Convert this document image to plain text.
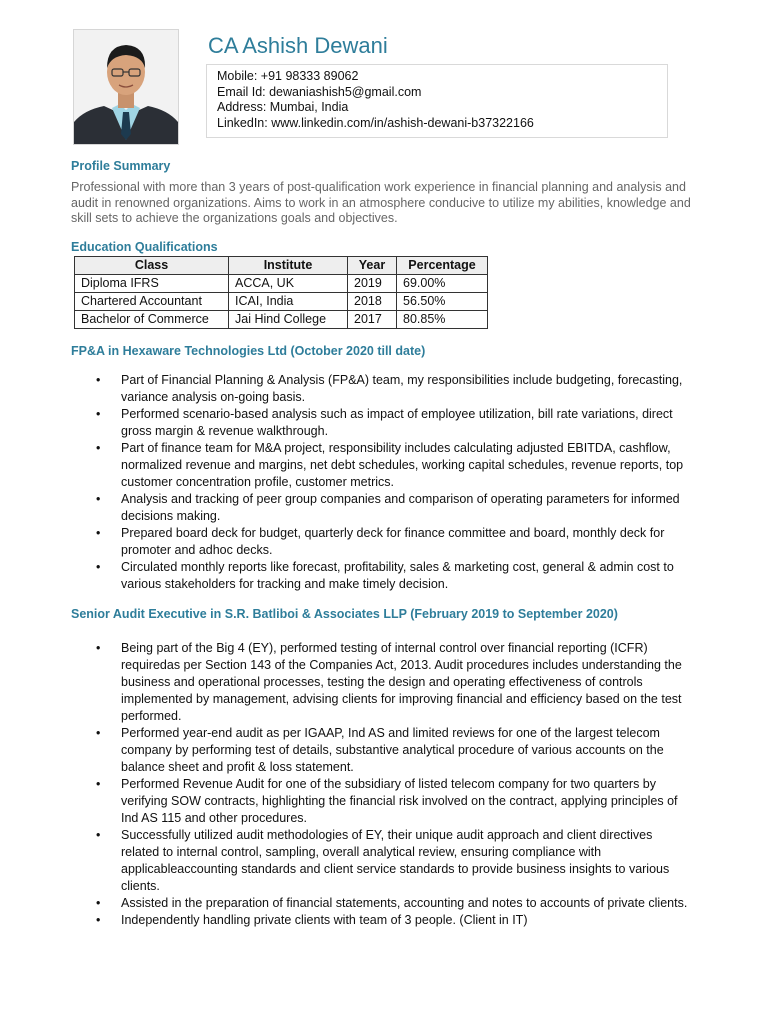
CA Ashish Dewani
Mobile: +91 98333 89062
Email Id: dewaniashish5@gmail.com
Address: Mumbai, India
LinkedIn: www.linkedin.com/in/ashish-dewani-b37322166
Profile Summary

Professional with more than 3 years of post-qualification work experience in financial planning and analysis and audit in renowned organizations. Aims to work in an atmosphere conducive to utilize my abilities, knowledge and skill sets to achieve the organizations goals and objectives.

Education Qualifications
Class	Institute	Year	Percentage
Diploma IFRS	ACCA, UK	2019	69.00%
Chartered Accountant	ICAI, India	2018	56.50%
Bachelor of Commerce	Jai Hind College	2017	80.85%
FP&A in Hexaware Technologies Ltd (October 2020 till date)
• Part of Financial Planning & Analysis (FP&A) team, my responsibilities include budgeting, forecasting, variance analysis on-going basis.
• Performed scenario-based analysis such as impact of employee utilization, bill rate variations, direct gross margin & revenue walkthrough.
• Part of finance team for M&A project, responsibility includes calculating adjusted EBITDA, cashflow, normalized revenue and margins, net debt schedules, working capital schedules, revenue reports, top customer concentration profile, customer metrics.
• Analysis and tracking of peer group companies and comparison of operating parameters for informed decisions making.
• Prepared board deck for budget, quarterly deck for finance committee and board, monthly deck for promoter and adhoc decks.
• Circulated monthly reports like forecast, profitability, sales & marketing cost, general & admin cost to various stakeholders for tracking and make timely decision.
Senior Audit Executive in S.R. Batliboi & Associates LLP (February 2019 to September 2020)
• Being part of the Big 4 (EY), performed testing of internal control over financial reporting (ICFR) requiredas per Section 143 of the Companies Act, 2013. Audit procedures includes understanding the business and operational processes, testing the design and operating effectiveness of controls implemented by management, advising clients for improving financial and efficiency based on the test performed.
• Performed year-end audit as per IGAAP, Ind AS and limited reviews for one of the largest telecom company by performing test of details, substantive analytical procedure of various accounts on the balance sheet and profit & loss statement.
• Performed Revenue Audit for one of the subsidiary of listed telecom company for two quarters by verifying SOW contracts, highlighting the financial risk involved on the contract, applying principles of Ind AS 115 and other procedures.
• Successfully utilized audit methodologies of EY, their unique audit approach and client directives related to internal control, sampling, overall analytical review, ensuring compliance with applicableaccounting standards and client service standards to provide business insights to various clients.
• Assisted in the preparation of financial statements, accounting and notes to accounts of private clients.
• Independently handling private clients with team of 3 people. (Client in IT)
